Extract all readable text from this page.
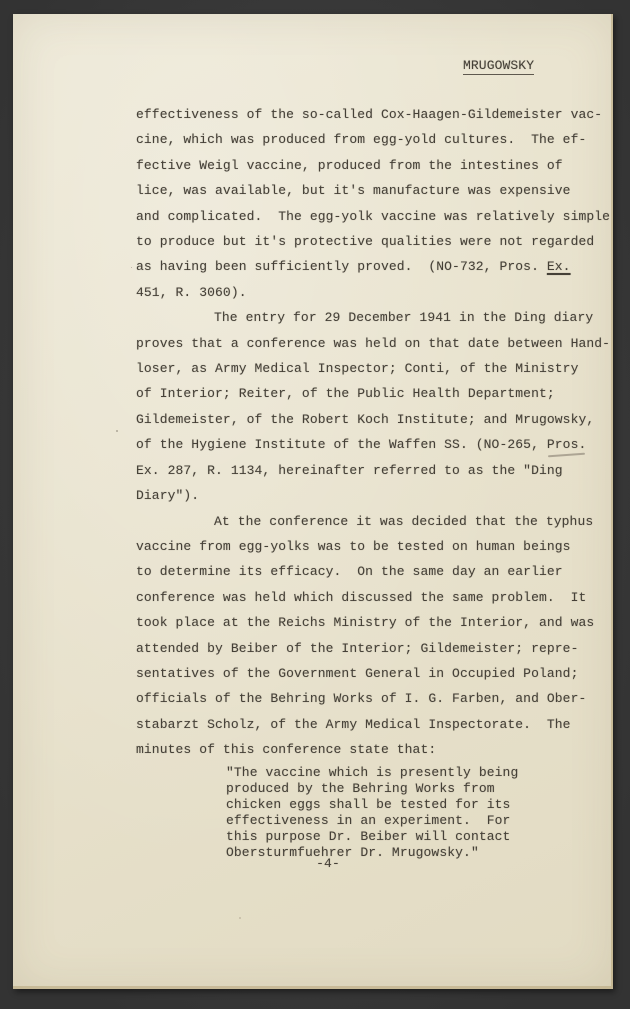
MRUGOWSKY
effectiveness of the so-called Cox-Haagen-Gildemeister vac-
cine, which was produced from egg-yold cultures.  The ef-
fective Weigl vaccine, produced from the intestines of
lice, was available, but it's manufacture was expensive
and complicated.  The egg-yolk vaccine was relatively simple
to produce but it's protective qualities were not regarded
as having been sufficiently proved.  (NO-732, Pros. Ex.
451, R. 3060).
The entry for 29 December 1941 in the Ding diary
proves that a conference was held on that date between Hand-
loser, as Army Medical Inspector; Conti, of the Ministry
of Interior; Reiter, of the Public Health Department;
Gildemeister, of the Robert Koch Institute; and Mrugowsky,
of the Hygiene Institute of the Waffen SS. (NO-265, Pros.
Ex. 287, R. 1134, hereinafter referred to as the "Ding
Diary").
At the conference it was decided that the typhus
vaccine from egg-yolks was to be tested on human beings
to determine its efficacy.  On the same day an earlier
conference was held which discussed the same problem.  It
took place at the Reichs Ministry of the Interior, and was
attended by Beiber of the Interior; Gildemeister; repre-
sentatives of the Government General in Occupied Poland;
officials of the Behring Works of I. G. Farben, and Ober-
stabarzt Scholz, of the Army Medical Inspectorate.  The
minutes of this conference state that:
"The vaccine which is presently being
produced by the Behring Works from
chicken eggs shall be tested for its
effectiveness in an experiment.  For
this purpose Dr. Beiber will contact
Obersturmfuehrer Dr. Mrugowsky."
-4-
